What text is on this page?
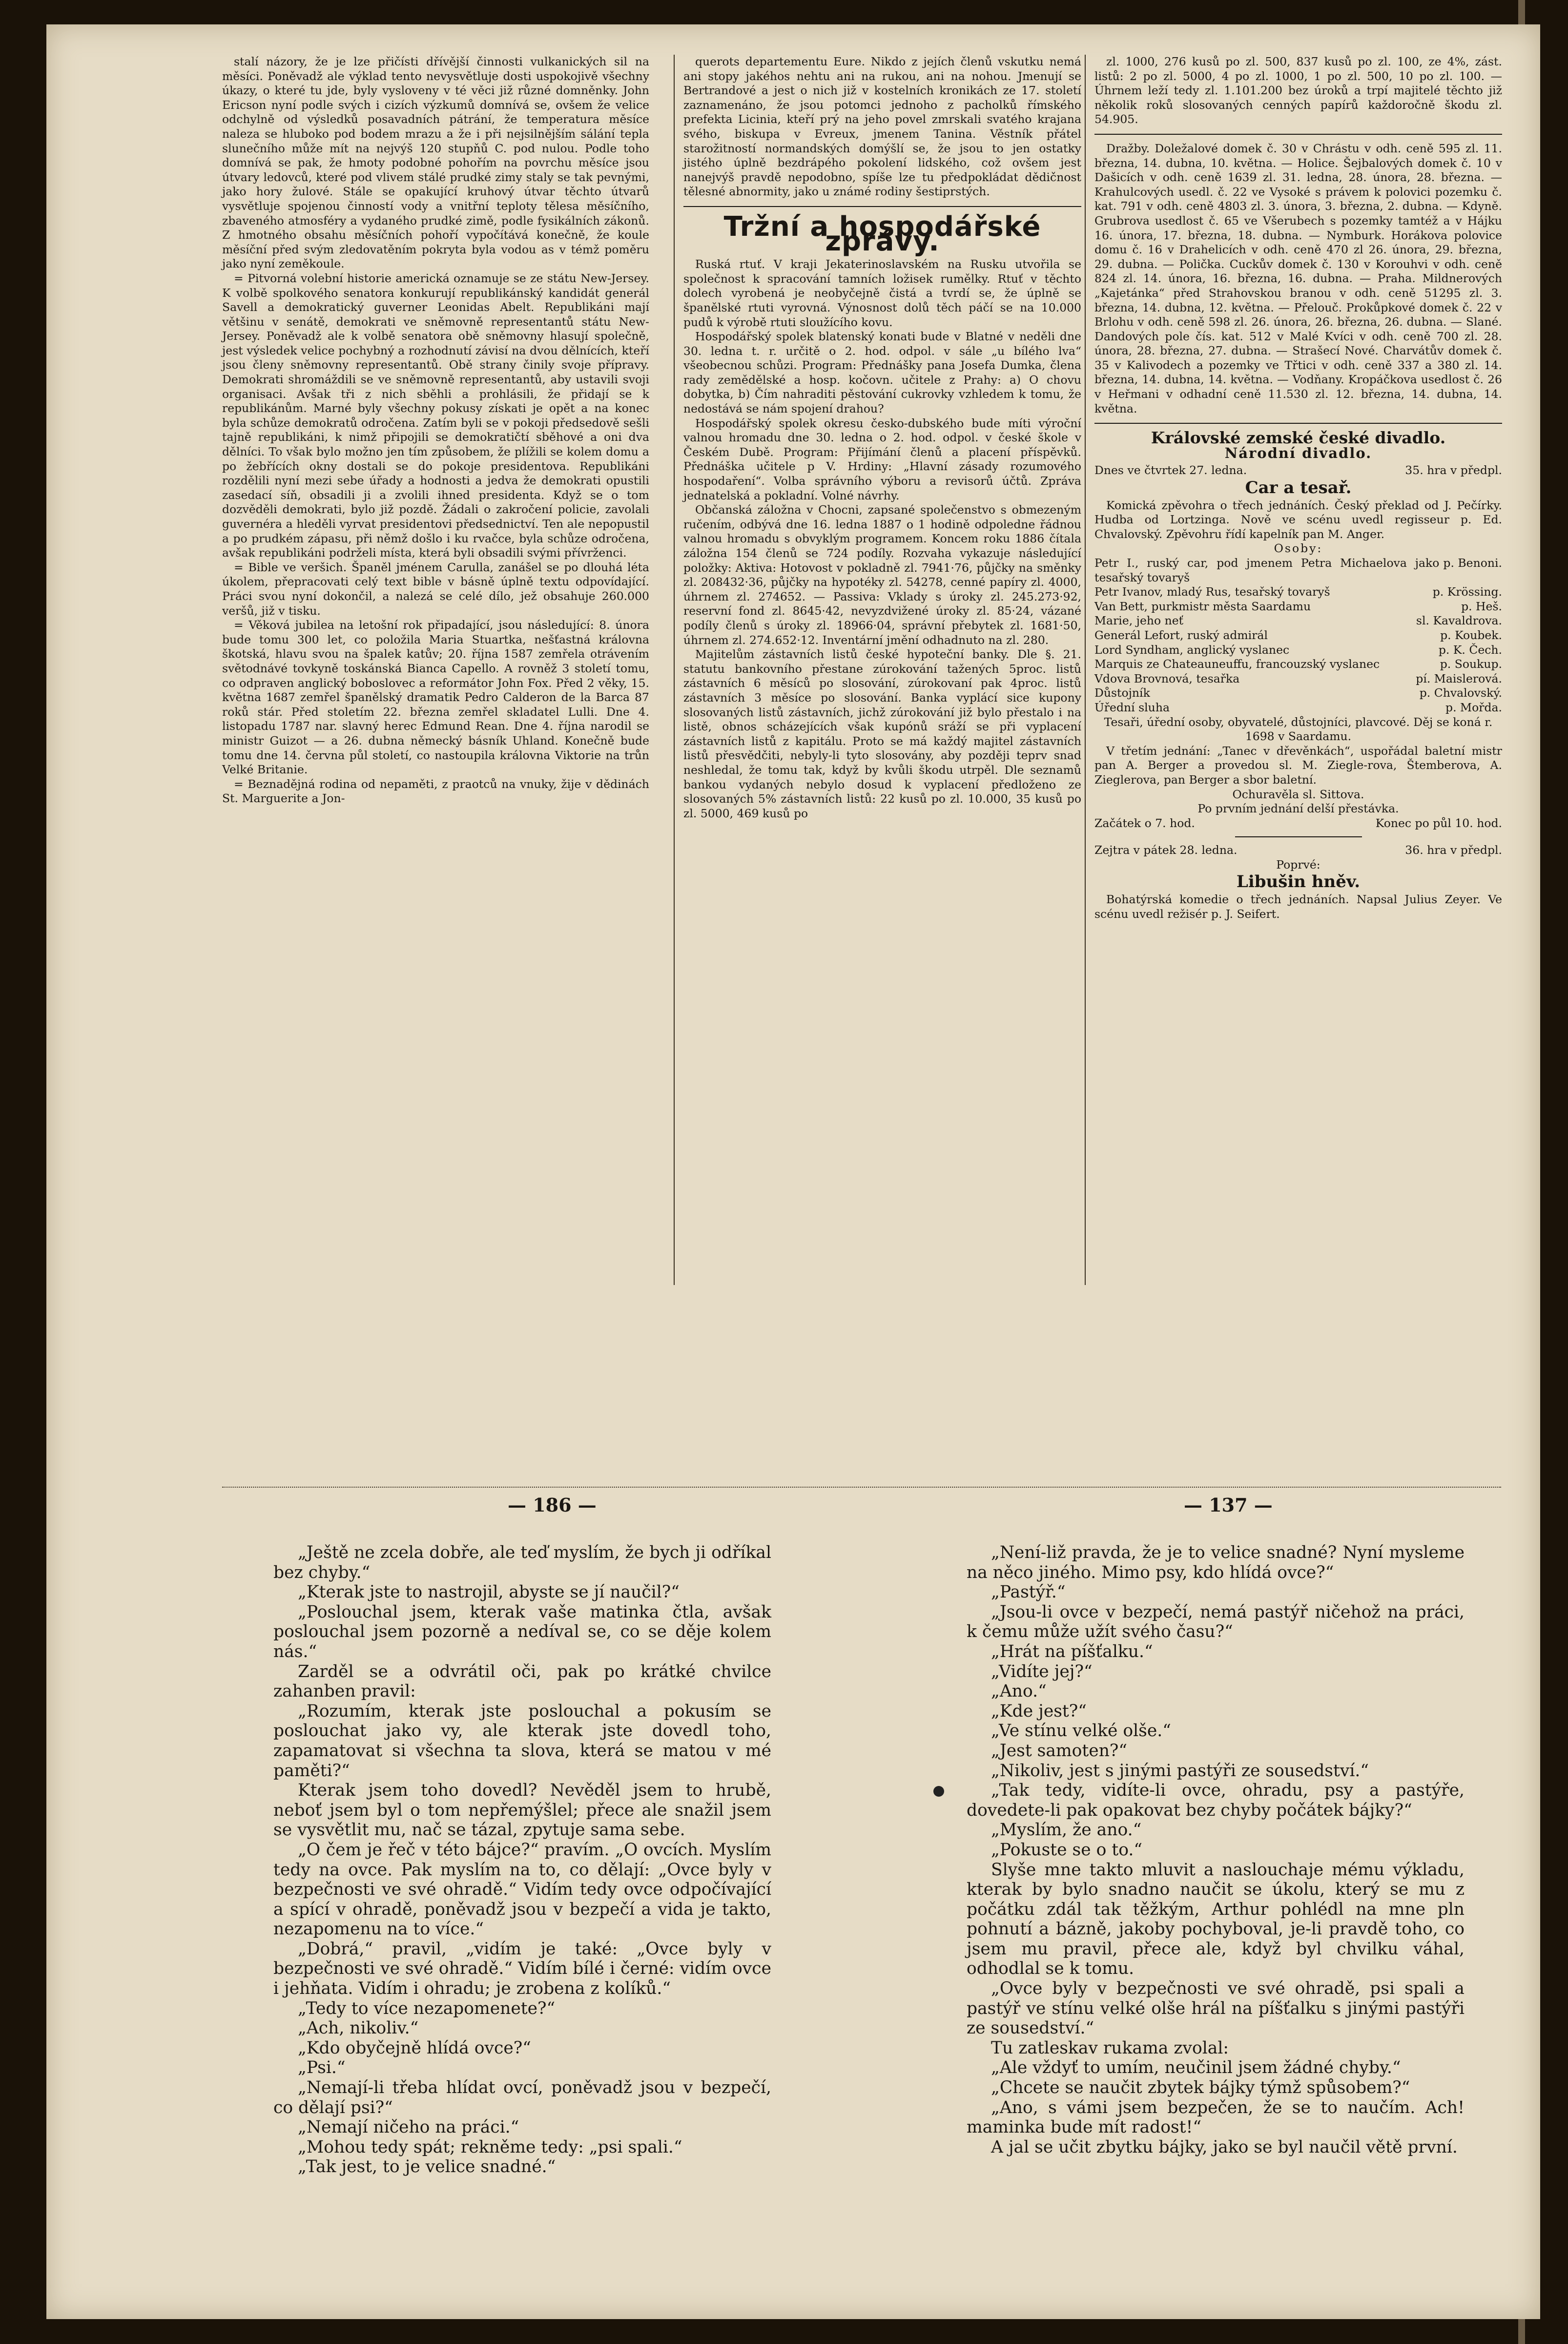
stalí názory, že je lze přičísti dřívější činnosti vulkanických sil na měsíci. Poněvadž ale výklad tento nevysvětluje dosti uspokojivě všechny úkazy, o které tu jde, byly vysloveny v té věci již různé domněnky. John Ericson nyní podle svých i cizích výzkumů domnívá se, ovšem že velice odchylně od výsledků posavadních pátrání, že temperatura měsíce naleza se hluboko pod bodem mrazu a že i při nejsilnějším sálání tepla slunečního může mít na nejvýš 120 stupňů C. pod nulou. Podle toho domnívá se pak, že hmoty podobné pohořím na povrchu měsíce jsou útvary ledovců, které pod vlivem stálé prudké zimy staly se tak pevnými, jako hory žulové. Stále se opakující kruhový útvar těchto útvarů vysvětluje spojenou činností vody a vnitřní teploty tělesa měsíčního, zbaveného atmosféry a vydaného prudké zimě, podle fysikálních zákonů. Z hmotného obsahu měsíčních pohoří vypočítává konečně, že koule měsíční před svým zledovatěním pokryta byla vodou as v témž poměru jako nyní zeměkoule.

= Pitvorná volební historie americká oznamuje se ze státu New-Jersey. K volbě spolkového senatora konkurují republikánský kandidát generál Savell a demokratický guverner Leonidas Abelt. Republikáni mají většinu v senátě, demokrati ve sněmovně representantů státu New-Jersey. Poněvadž ale k volbě senatora obě sněmovny hlasují společně, jest výsledek velice pochybný a rozhodnutí závisí na dvou dělnících, kteří jsou členy sněmovny representantů. Obě strany činily svoje přípravy. Demokrati shromáždili se ve sněmovně representantů, aby ustavili svoji organisaci. Avšak tři z nich sběhli a prohlásili, že přidají se k republikánům. Marné byly všechny pokusy získati je opět a na konec byla schůze demokratů odročena. Zatím byli se v pokoji předsedově sešli tajně republikáni, k nimž připojili se demokratičtí sběhové a oni dva dělníci. To však bylo možno jen tím způsobem, že plížili se kolem domu a po žebřících okny dostali se do pokoje presidentova. Republikáni rozdělili nyní mezi sebe úřady a hodnosti a jedva že demokrati opustili zasedací síň, obsadili ji a zvolili ihned presidenta. Když se o tom dozvěděli demokrati, bylo již pozdě. Žádali o zakročení policie, zavolali guvernéra a hleděli vyrvat presidentovi předsednictví. Ten ale nepopustil a po prudkém zápasu, při němž došlo i ku rvačce, byla schůze odročena, avšak republikáni podrželi místa, která byli obsadili svými přívrženci.

= Bible ve veršich. Španěl jménem Carulla, zanášel se po dlouhá léta úkolem, přepracovati celý text bible v básně úplně textu odpovídající. Práci svou nyní dokončil, a nalezá se celé dílo, jež obsahuje 260.000 veršů, již v tisku.

= Věková jubilea na letošní rok připadající, jsou následující: 8. února bude tomu 300 let, co položila Maria Stuartka, nešťastná královna škotská, hlavu svou na špalek katův; 20. října 1587 zemřela otrávením světodnávé tovkyně toskánská Bianca Capello. A rovněž 3 století tomu, co odpraven anglický boboslovec a reformátor John Fox. Před 2 věky, 15. května 1687 zemřel španělský dramatik Pedro Calderon de la Barca 87 roků stár. Před stoletím 22. března zemřel skladatel Lulli. Dne 4. listopadu 1787 nar. slavný herec Edmund Rean. Dne 4. října narodil se ministr Guizot — a 26. dubna německý básník Uhland. Konečně bude tomu dne 14. června půl století, co nastoupila královna Viktorie na trůn Velké Britanie.

= Beznadějná rodina od nepaměti, z praotců na vnuky, žije v dědinách St. Marguerite a Jon-

querots departementu Eure. Nikdo z jejích členů vskutku nemá ani stopy jakéhos nehtu ani na rukou, ani na nohou. Jmenují se Bertrandové a jest o nich již v kostelních kronikách ze 17. století zaznamenáno, že jsou potomci jednoho z pacholků římského prefekta Licinia, kteří prý na jeho povel zmrskali svatého krajana svého, biskupa v Evreux, jmenem Tanina. Věstník přátel starožitností normandských domýšlí se, že jsou to jen ostatky jistého úplně bezdrápého pokolení lidského, což ovšem jest nanejvýš pravdě nepodobno, spíše lze tu předpokládat dědičnost tělesné abnormity, jako u známé rodiny šestiprstých.

Tržní a hospodářské zprávy.

Ruská rtuť. V kraji Jekaterinoslavském na Rusku utvořila se společnost k spracování tamních ložisek rumělky. Rtuť v těchto dolech vyrobená je neobyčejně čistá a tvrdí se, že úplně se španělské rtuti vyrovná. Výnosnost dolů těch páčí se na 10.000 pudů k výrobě rtuti sloužícího kovu.

Hospodářský spolek blatenský konati bude v Blatné v neděli dne 30. ledna t. r. určitě o 2. hod. odpol. v sále „u bílého lva“ všeobecnou schůzi. Program: Přednášky pana Josefa Dumka, člena rady zemědělské a hosp. kočovn. učitele z Prahy: a) O chovu dobytka, b) Čím nahraditi pěstování cukrovky vzhledem k tomu, že nedostává se nám spojení drahou?

Hospodářský spolek okresu česko-dubského bude míti výroční valnou hromadu dne 30. ledna o 2. hod. odpol. v české škole v Českém Dubě. Program: Přijímání členů a placení příspěvků. Přednáška učitele p V. Hrdiny: „Hlavní zásady rozumového hospodaření“. Volba správního výboru a revisorů účtů. Zpráva jednatelská a pokladní. Volné návrhy.

Občanská záložna v Chocni, zapsané společenstvo s obmezeným ručením, odbývá dne 16. ledna 1887 o 1 hodině odpoledne řádnou valnou hromadu s obvyklým programem. Koncem roku 1886 čítala záložna 154 členů se 724 podíly. Rozvaha vykazuje následující položky: Aktiva: Hotovost v pokladně zl. 7941·76, půjčky na směnky zl. 208432·36, půjčky na hypotéky zl. 54278, cenné papíry zl. 4000, úhrnem zl. 274652. — Passiva: Vklady s úroky zl. 245.273·92, reservní fond zl. 8645·42, nevyzdvižené úroky zl. 85·24, vázané podíly členů s úroky zl. 18966·04, správní přebytek zl. 1681·50, úhrnem zl. 274.652·12. Inventární jmění odhadnuto na zl. 280.

Majitelům zástavních listů české hypoteční banky. Dle §. 21. statutu bankovního přestane zúrokování tažených 5proc. listů zástavních 6 měsíců po slosování, zúrokovaní pak 4proc. listů zástavních 3 měsíce po slosování. Banka vyplácí sice kupony slosovaných listů zástavních, jichž zúrokování již bylo přestalo i na listě, obnos scházejících však kupónů sráží se při vyplacení zástavních listů z kapitálu. Proto se má každý majitel zástavních listů přesvědčiti, nebyly-li tyto slosovány, aby později teprv snad neshledal, že tomu tak, když by kvůli škodu utrpěl. Dle seznamů bankou vydaných nebylo dosud k vyplacení předloženo ze slosovaných 5% zástavních listů: 22 kusů po zl. 10.000, 35 kusů po zl. 5000, 469 kusů po

zl. 1000, 276 kusů po zl. 500, 837 kusů po zl. 100, ze 4%, zást. listů: 2 po zl. 5000, 4 po zl. 1000, 1 po zl. 500, 10 po zl. 100. — Úhrnem leží tedy zl. 1.101.200 bez úroků a trpí majitelé těchto již několik roků slosovaných cenných papírů každoročně škodu zl. 54.905.

Dražby. Doležalové domek č. 30 v Chrástu v odh. ceně 595 zl. 11. března, 14. dubna, 10. května. — Holice. Šejbalových domek č. 10 v Dašicích v odh. ceně 1639 zl. 31. ledna, 28. února, 28. března. — Krahulcových usedl. č. 22 ve Vysoké s právem k polovici pozemku č. kat. 791 v odh. ceně 4803 zl. 3. února, 3. března, 2. dubna. — Kdyně. Grubrova usedlost č. 65 ve Všerubech s pozemky tamtéž a v Hájku 16. února, 17. března, 18. dubna. — Nymburk. Horákova polovice domu č. 16 v Drahelicích v odh. ceně 470 zl 26. února, 29. března, 29. dubna. — Polička. Cuckův domek č. 130 v Korouhvi v odh. ceně 824 zl. 14. února, 16. března, 16. dubna. — Praha. Mildnerových „Kajetánka“ před Strahovskou branou v odh. ceně 51295 zl. 3. března, 14. dubna, 12. května. — Přelouč. Prokůpkové domek č. 22 v Brlohu v odh. ceně 598 zl. 26. února, 26. března, 26. dubna. — Slané. Dandových pole čís. kat. 512 v Malé Kvíci v odh. ceně 700 zl. 28. února, 28. března, 27. dubna. — Strašecí Nové. Charvátův domek č. 35 v Kalivodech a pozemky ve Třtici v odh. ceně 337 a 380 zl. 14. března, 14. dubna, 14. května. — Vodňany. Kropáčkova usedlost č. 26 v Heřmani v odhadní ceně 11.530 zl. 12. března, 14. dubna, 14. května.

Královské zemské české divadlo.
Národní divadlo.
Dnes ve čtvrtek 27. ledna.	35. hra v předpl.
Car a tesař.

Komická zpěvohra o třech jednáních. Český překlad od J. Pečírky. Hudba od Lortzinga. Nově ve scénu uvedl regisseur p. Ed. Chvalovský. Zpěvohru řídí kapelník pan M. Anger.

Osoby:
Petr I., ruský car, pod jmenem Petra Michaelova jako tesařský tovaryš
p. Benoni.
Petr Ivanov, mladý Rus, tesařský tovaryš	p. Krössing.
Van Bett, purkmistr města Saardamu	p. Heš.
Marie, jeho neť	sl. Kavaldrova.
Generál Lefort, ruský admirál	p. Koubek.
Lord Syndham, anglický vyslanec	p. K. Čech.
Marquis ze Chateauneuffu, francouzský vyslanec	p. Soukup.
Vdova Brovnová, tesařka	pí. Maislerová.
Důstojník	p. Chvalovský.
Úřední sluha	p. Mořda.

Tesaři, úřední osoby, obyvatelé, důstojníci, plavcové. Děj se koná r. 1698 v Saardamu.

V třetím jednání: „Tanec v dřevěnkách“, uspořádal baletní mistr pan A. Berger a provedou sl. M. Ziegle-rova, Štemberova, A. Zieglerova, pan Berger a sbor baletní.

Ochuravěla sl. Sittova.
Po prvním jednání delší přestávka.
Začátek o 7. hod.	Konec po půl 10. hod.
Zejtra v pátek 28. ledna.	36. hra v předpl.
Poprvé:
Libušin hněv.

Bohatýrská komedie o třech jednáních. Napsal Julius Zeyer. Ve scénu uvedl režisér p. J. Seifert.

— 186 —	— 137 —

„Ještě ne zcela dobře, ale teď myslím, že bych ji odříkal bez chyby.“

„Kterak jste to nastrojil, abyste se jí naučil?“

„Poslouchal jsem, kterak vaše matinka čtla, avšak poslouchal jsem pozorně a nedíval se, co se děje kolem nás.“

Zarděl se a odvrátil oči, pak po krátké chvilce zahanben pravil:

„Rozumím, kterak jste poslouchal a pokusím se poslouchat jako vy, ale kterak jste dovedl toho, zapamatovat si všechna ta slova, která se matou v mé paměti?“

Kterak jsem toho dovedl? Nevěděl jsem to hrubě, neboť jsem byl o tom nepřemýšlel; přece ale snažil jsem se vysvětlit mu, nač se tázal, zpytuje sama sebe.

„O čem je řeč v této bájce?“ pravím. „O ovcích. Myslím tedy na ovce. Pak myslím na to, co dělají: „Ovce byly v bezpečnosti ve své ohradě.“ Vidím tedy ovce odpočívající a spící v ohradě, poněvadž jsou v bezpečí a vida je takto, nezapomenu na to více.“

„Dobrá,“ pravil, „vidím je také: „Ovce byly v bezpečnosti ve své ohradě.“ Vidím bílé i černé: vidím ovce i jehňata. Vidím i ohradu; je zrobena z kolíků.“

„Tedy to více nezapomenete?“

„Ach, nikoliv.“

„Kdo obyčejně hlídá ovce?“

„Psi.“

„Nemají-li třeba hlídat ovcí, poněvadž jsou v bezpečí, co dělají psi?“

„Nemají ničeho na práci.“

„Mohou tedy spát; rekněme tedy: „psi spali.“

„Tak jest, to je velice snadné.“

„Není-liž pravda, že je to velice snadné? Nyní mysleme na něco jiného. Mimo psy, kdo hlídá ovce?“

„Pastýř.“

„Jsou-li ovce v bezpečí, nemá pastýř ničehož na práci, k čemu může užít svého času?“

„Hrát na píšťalku.“

„Vidíte jej?“

„Ano.“

„Kde jest?“

„Ve stínu velké olše.“

„Jest samoten?“

„Nikoliv, jest s jinými pastýři ze sousedství.“

„Tak tedy, vidíte-li ovce, ohradu, psy a pastýře, dovedete-li pak opakovat bez chyby počátek bájky?“

„Myslím, že ano.“

„Pokuste se o to.“

Slyše mne takto mluvit a naslouchaje mému výkladu, kterak by bylo snadno naučit se úkolu, který se mu z počátku zdál tak těžkým, Arthur pohlédl na mne pln pohnutí a bázně, jakoby pochyboval, je-li pravdě toho, co jsem mu pravil, přece ale, když byl chvilku váhal, odhodlal se k tomu.

„Ovce byly v bezpečnosti ve své ohradě, psi spali a pastýř ve stínu velké olše hrál na píšťalku s jinými pastýři ze sousedství.“

Tu zatleskav rukama zvolal:

„Ale vždyť to umím, neučinil jsem žádné chyby.“

„Chcete se naučit zbytek bájky týmž spůsobem?“

„Ano, s vámi jsem bezpečen, že se to naučím. Ach! maminka bude mít radost!“

A jal se učit zbytku bájky, jako se byl naučil větě první.
